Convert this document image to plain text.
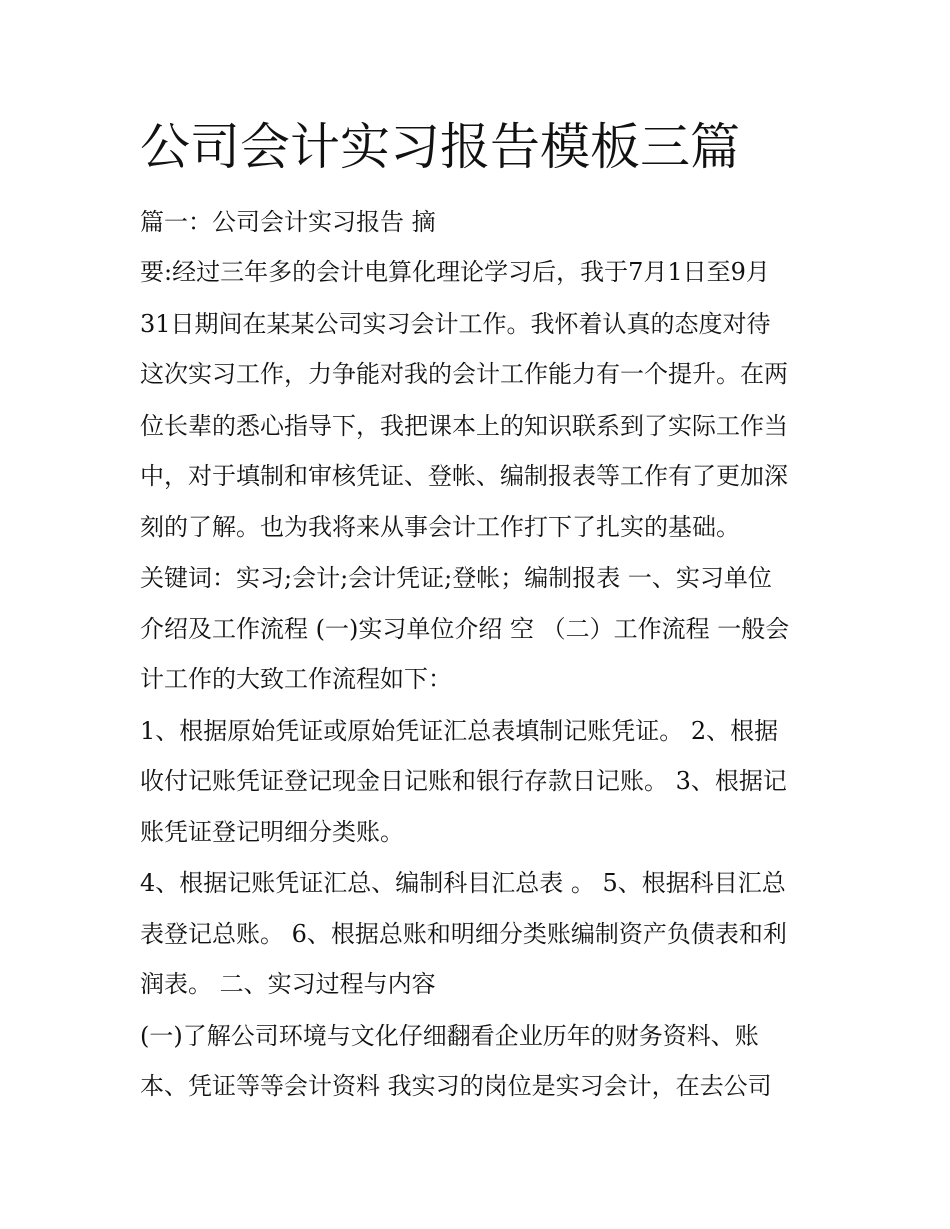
公司会计实习报告模板三篇
篇一：公司会计实习报告 摘
要:经过三年多的会计电算化理论学习后，我于7月1日至9月
31日期间在某某公司实习会计工作。我怀着认真的态度对待
这次实习工作，力争能对我的会计工作能力有一个提升。在两
位长辈的悉心指导下，我把课本上的知识联系到了实际工作当
中，对于填制和审核凭证、登帐、编制报表等工作有了更加深
刻的了解。也为我将来从事会计工作打下了扎实的基础。
关键词：实习;会计;会计凭证;登帐；编制报表 一、实习单位
介绍及工作流程 (一)实习单位介绍 空 （二）工作流程 一般会
计工作的大致工作流程如下：
1、根据原始凭证或原始凭证汇总表填制记账凭证。 2、根据
收付记账凭证登记现金日记账和银行存款日记账。 3、根据记
账凭证登记明细分类账。
4、根据记账凭证汇总、编制科目汇总表 。 5、根据科目汇总
表登记总账。 6、根据总账和明细分类账编制资产负债表和利
润表。 二、实习过程与内容
(一)了解公司环境与文化仔细翻看企业历年的财务资料、账
本、凭证等等会计资料 我实习的岗位是实习会计，在去公司
